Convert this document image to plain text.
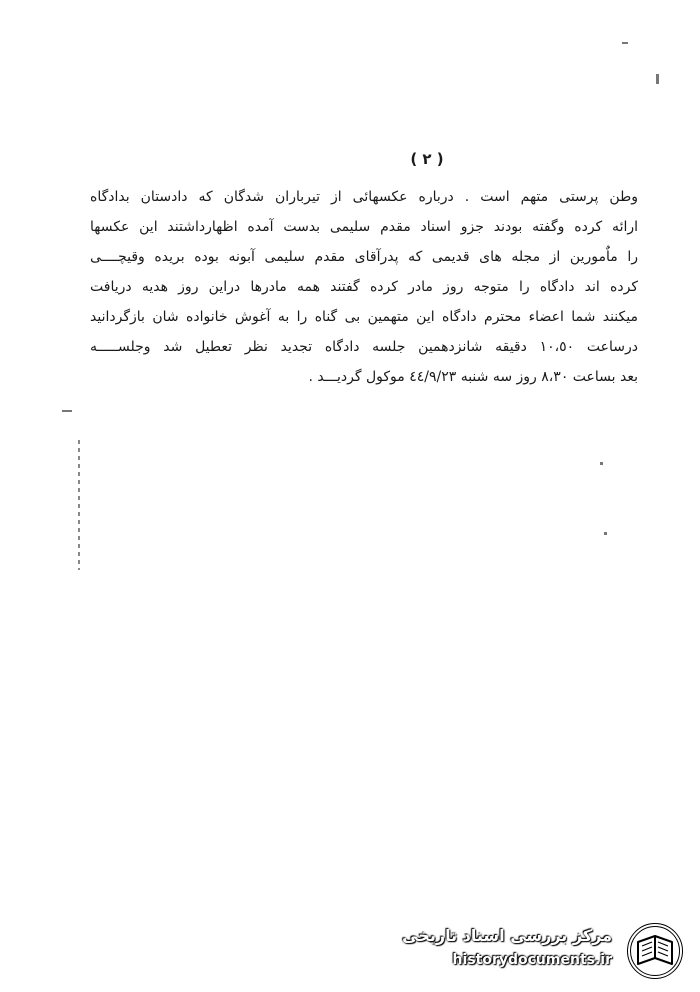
( ٢ )
وطن پرستی متهم است . درباره عکسهائی از تیرباران شدگان که دادستان بدادگاه
ارائه کرده وگفته بودند جزو اسناد مقدم سلیمی بدست آمده اظهارداشتند این عکسها
را ماٌمورین از مجله های قدیمی که پدرآقای مقدم سلیمی آبونه بوده بریده وقیچــــی
کرده اند دادگاه را متوجه روز مادر کرده گفتند همه مادرها دراین روز هدیه دریافت
میکنند شما اعضاء محترم دادگاه این متهمین بی گناه را به آغوش خانواده شان بازگردانید
درساعت ١٠،٥٠ دقیقه شانزدهمین جلسه دادگاه تجدید نظر تعطیل شد وجلســـــه
بعد بساعت ٨،٣٠ روز سه شنبه ٤٤/٩/٢٣ موکول گردیـــد .
مرکز بررسی اسناد تاریخی
historydocuments.ir
